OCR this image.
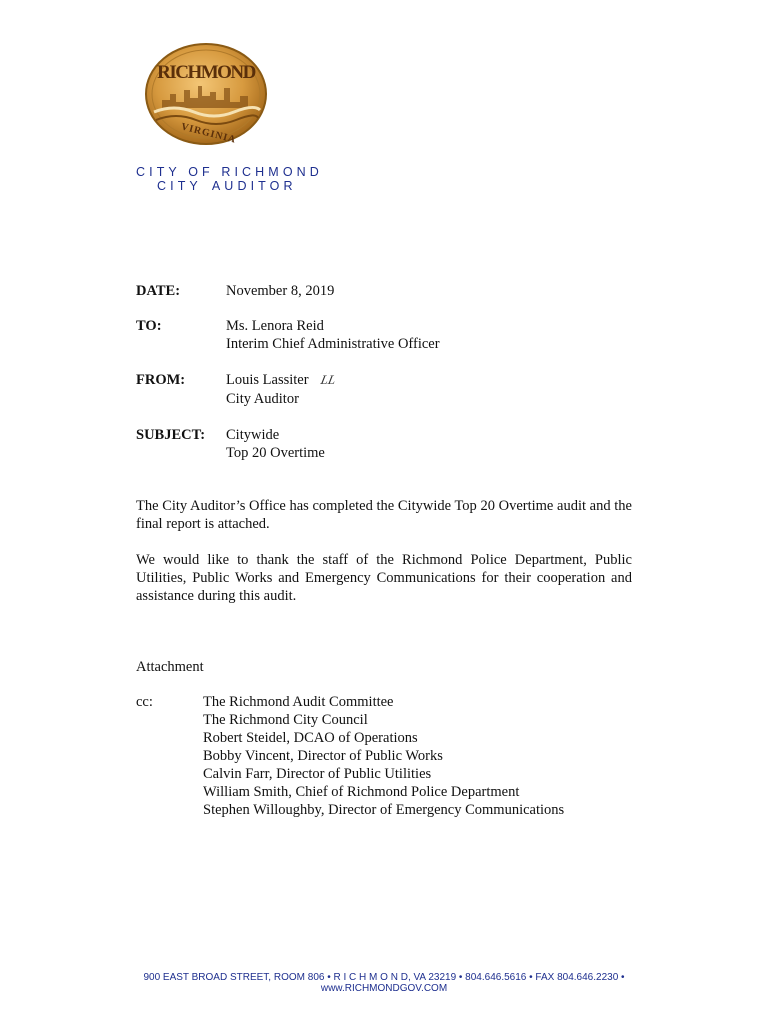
RICHMOND
VIRGINIA
CITY OF RICHMOND
CITY AUDITOR
DATE:	November 8, 2019
TO:	Ms. Lenora Reid
Interim Chief Administrative Officer
FROM:	Louis Lassiter LL
City Auditor
SUBJECT: Citywide
Top 20 Overtime

The City Auditor’s Office has completed the Citywide Top 20 Overtime audit and the final report is attached.

We would like to thank the staff of the Richmond Police Department, Public Utilities, Public Works and Emergency Communications for their cooperation and assistance during this audit.

Attachment
cc:	The Richmond Audit Committee
The Richmond City Council
Robert Steidel, DCAO of Operations
Bobby Vincent, Director of Public Works
Calvin Farr, Director of Public Utilities
William Smith, Chief of Richmond Police Department
Stephen Willoughby, Director of Emergency Communications
900 EAST BROAD STREET, ROOM 806 • R I C H M O N D, VA 23219 • 804.646.5616 • FAX 804.646.2230 •
www.RICHMONDGOV.COM
